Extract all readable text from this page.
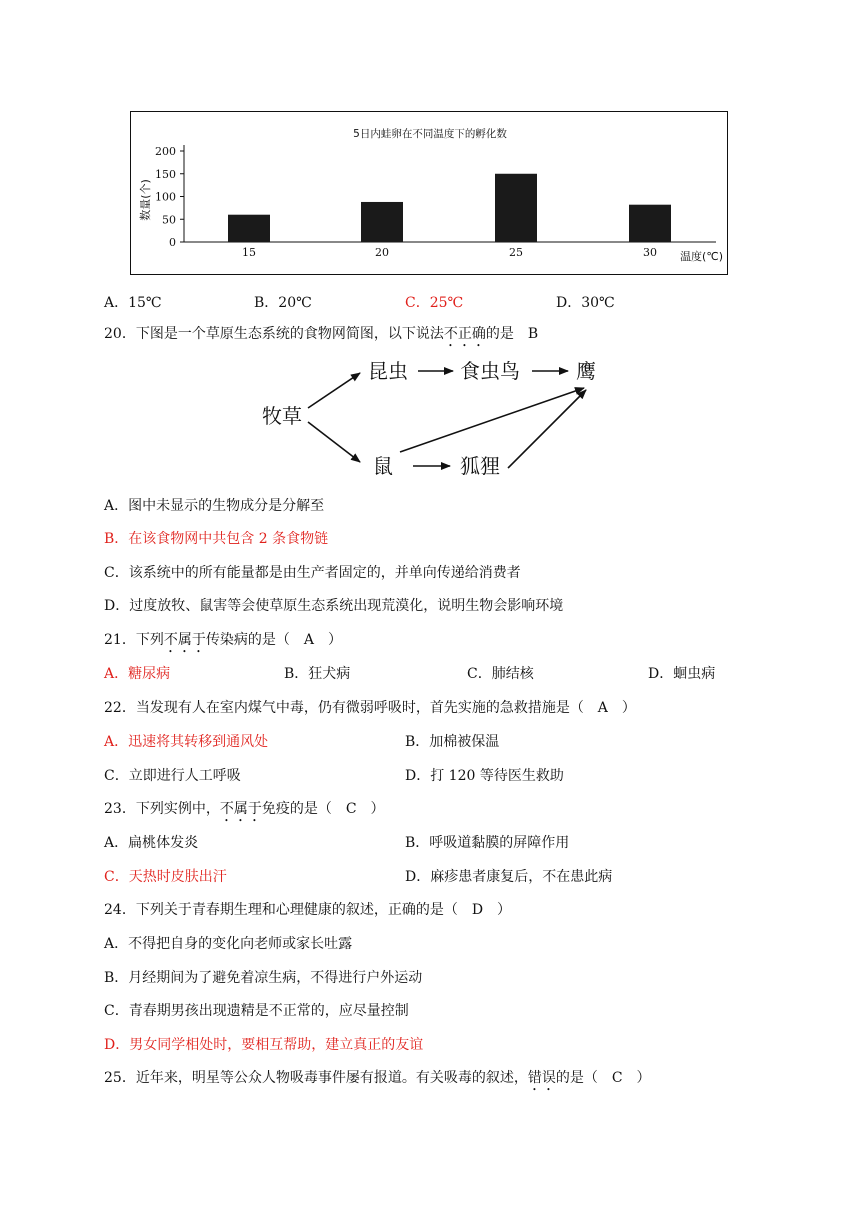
5日内蛙卵在不同温度下的孵化数
0
50
100
150
200
数量(个)
15	20	25	30 温度(℃)
A．15℃	B．20℃	C．25℃	D．30℃
20．下图是一个草原生态系统的食物网简图，以下说法不正确的是　B
牧草
昆虫	食虫鸟	鹰
鼠	狐狸
A．图中未显示的生物成分是分解至
B．在该食物网中共包含 2 条食物链
C．该系统中的所有能量都是由生产者固定的，并单向传递给消费者
D．过度放牧、鼠害等会使草原生态系统出现荒漠化，说明生物会影响环境
21．下列不属于传染病的是（　A　）
A．糖尿病	B．狂犬病	C．肺结核	D．蛔虫病
22．当发现有人在室内煤气中毒，仍有微弱呼吸时，首先实施的急救措施是（　A　）
A．迅速将其转移到通风处	B．加棉被保温
C．立即进行人工呼吸	D．打 120 等待医生救助
23．下列实例中，不属于免疫的是（　C　）
A．扁桃体发炎	B．呼吸道黏膜的屏障作用
C．天热时皮肤出汗	D．麻疹患者康复后，不在患此病
24．下列关于青春期生理和心理健康的叙述，正确的是（　D　）
A．不得把自身的变化向老师或家长吐露
B．月经期间为了避免着凉生病，不得进行户外运动
C．青春期男孩出现遗精是不正常的，应尽量控制
D．男女同学相处时，要相互帮助，建立真正的友谊
25．近年来，明星等公众人物吸毒事件屡有报道。有关吸毒的叙述，错误的是（　C　）
